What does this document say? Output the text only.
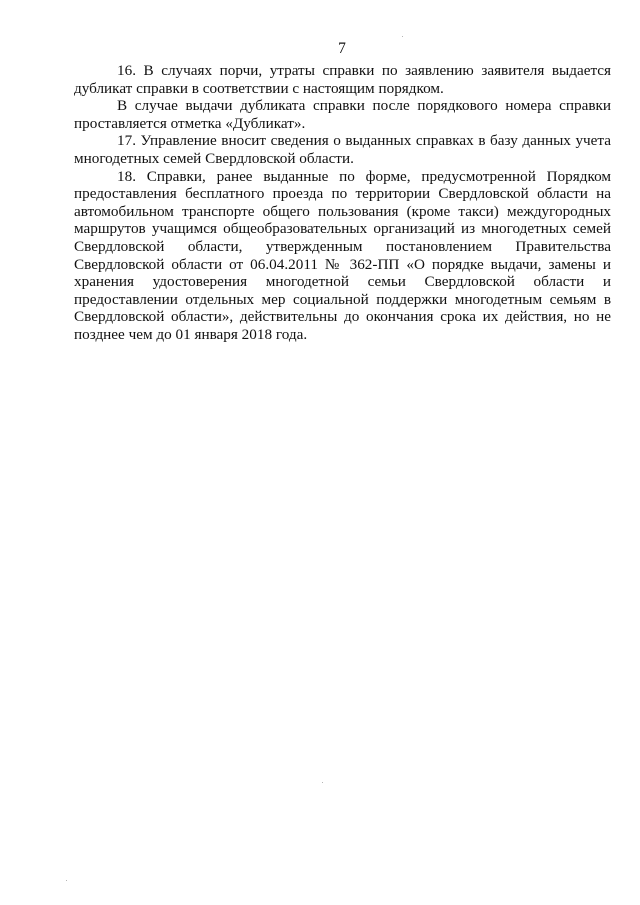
7

16. В случаях порчи, утраты справки по заявлению заявителя выдается дубликат справки в соответствии с настоящим порядком.

В случае выдачи дубликата справки после порядкового номера справки проставляется отметка «Дубликат».

17. Управление вносит сведения о выданных справках в базу данных учета многодетных семей Свердловской области.

18. Справки, ранее выданные по форме, предусмотренной Порядком предоставления бесплатного проезда по территории Свердловской области на автомобильном транспорте общего пользования (кроме такси) междугородных маршрутов учащимся общеобразовательных организаций из многодетных семей Свердловской области, утвержденным постановлением Правительства Свердловской области от 06.04.2011 № 362-ПП «О порядке выдачи, замены и хранения удостоверения многодетной семьи Свердловской области и предоставлении отдельных мер социальной поддержки многодетным семьям в Свердловской области», действительны до окончания срока их действия, но не позднее чем до 01 января 2018 года.
